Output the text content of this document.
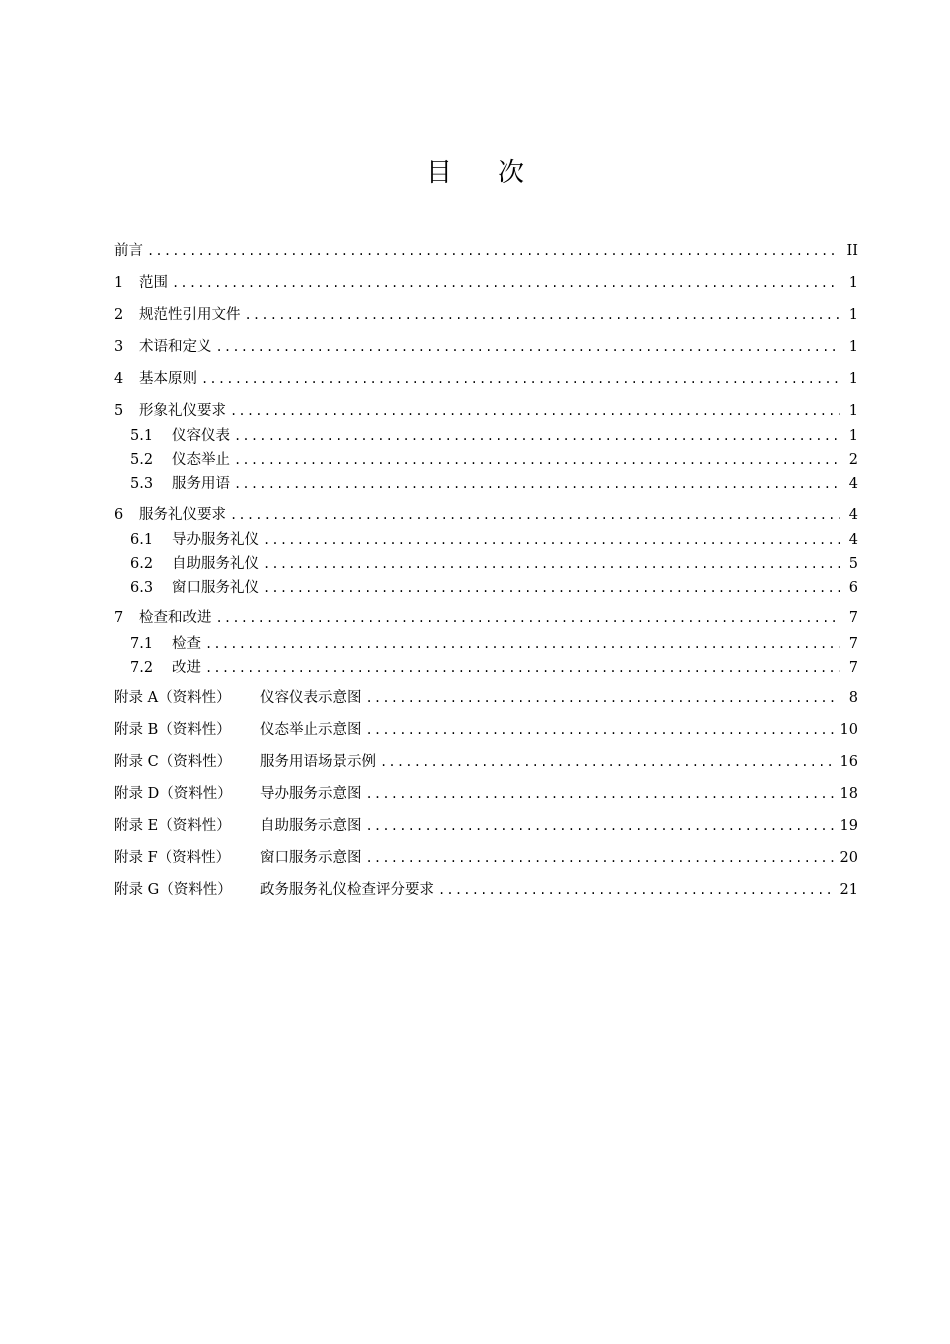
目 次
前言 .....	II
1	范围 .....	1
2	规范性引用文件 .....	1
3	术语和定义 .....	1
4	基本原则 .....	1
5	形象礼仪要求 .....	1
5.1	仪容仪表 .....	1
5.2	仪态举止 .....	2
5.3	服务用语 .....	4
6	服务礼仪要求 .....	4
6.1	导办服务礼仪 .....	4
6.2	自助服务礼仪 .....	5
6.3	窗口服务礼仪 .....	6
7	检查和改进 .....	7
7.1	检查 .....	7
7.2	改进 .....	7
附录 A（资料性）	仪容仪表示意图 .....	8
附录 B（资料性）	仪态举止示意图 .....	10
附录 C（资料性）	服务用语场景示例 .....	16
附录 D（资料性）	导办服务示意图 .....	18
附录 E（资料性）	自助服务示意图 .....	19
附录 F（资料性）	窗口服务示意图 .....	20
附录 G（资料性）	政务服务礼仪检查评分要求 .....	21
